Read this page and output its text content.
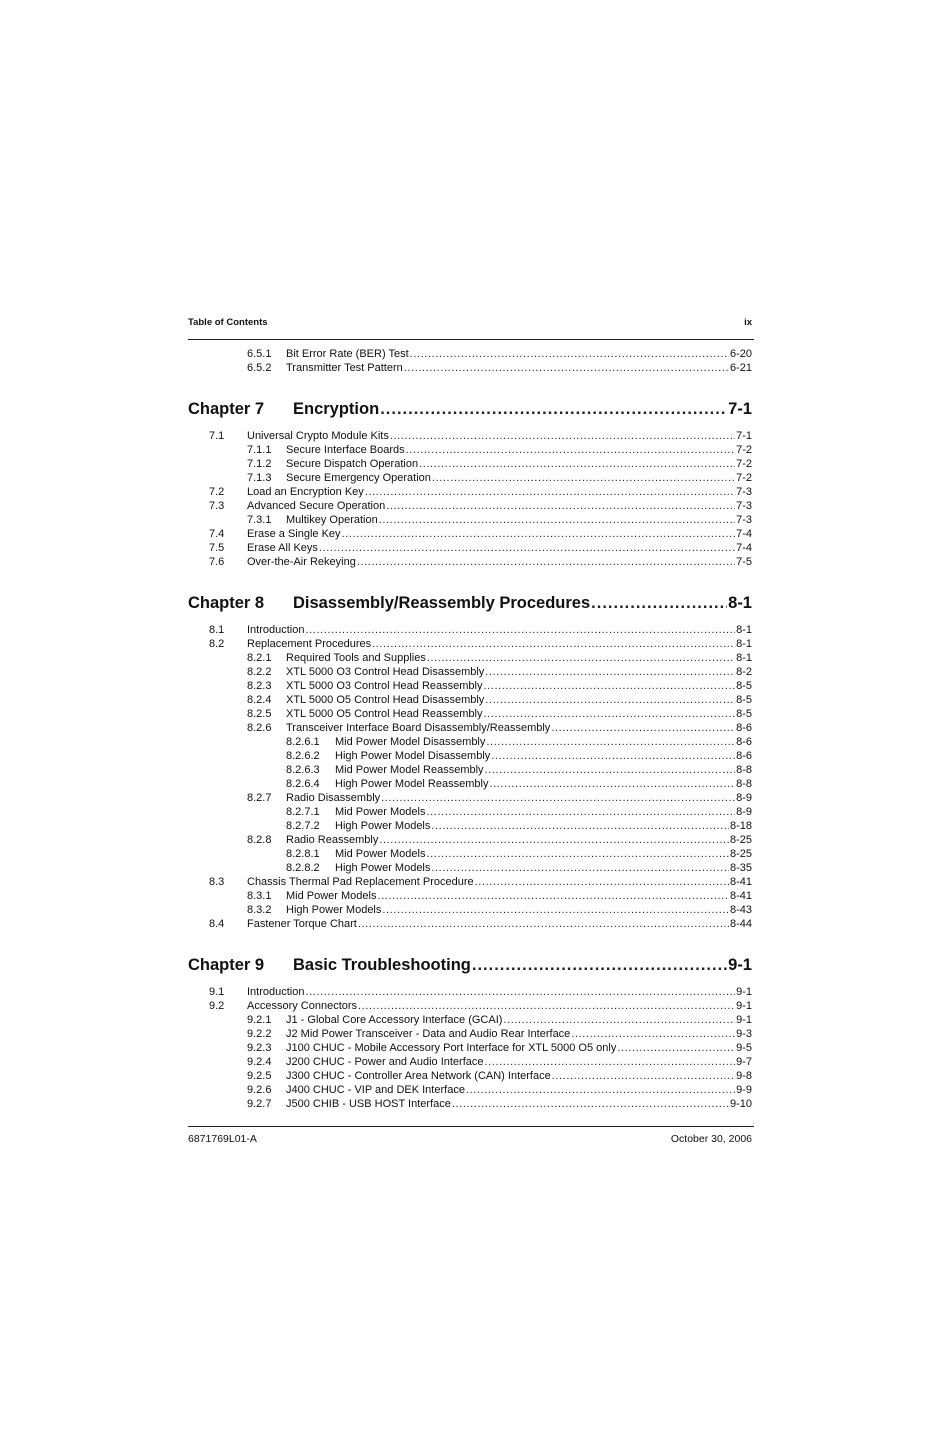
Table of Contents	ix
6.5.1 Bit Error Rate (BER) Test .....	6-20
6.5.2 Transmitter Test Pattern .....	6-21
Chapter 7 Encryption .....	7-1
7.1 Universal Crypto Module Kits .....	7-1
7.1.1 Secure Interface Boards .....	7-2
7.1.2 Secure Dispatch Operation .....	7-2
7.1.3 Secure Emergency Operation .....	7-2
7.2 Load an Encryption Key .....	7-3
7.3 Advanced Secure Operation .....	7-3
7.3.1 Multikey Operation .....	7-3
7.4 Erase a Single Key .....	7-4
7.5 Erase All Keys .....	7-4
7.6 Over-the-Air Rekeying .....	7-5
Chapter 8 Disassembly/Reassembly Procedures .....	8-1
8.1 Introduction .....	8-1
8.2 Replacement Procedures .....	8-1
8.2.1 Required Tools and Supplies .....	8-1
8.2.2 XTL 5000 O3 Control Head Disassembly .....	8-2
8.2.3 XTL 5000 O3 Control Head Reassembly .....	8-5
8.2.4 XTL 5000 O5 Control Head Disassembly .....	8-5
8.2.5 XTL 5000 O5 Control Head Reassembly .....	8-5
8.2.6 Transceiver Interface Board Disassembly/Reassembly .....	8-6
8.2.6.1 Mid Power Model Disassembly .....	8-6
8.2.6.2 High Power Model Disassembly .....	8-6
8.2.6.3 Mid Power Model Reassembly .....	8-8
8.2.6.4 High Power Model Reassembly .....	8-8
8.2.7 Radio Disassembly .....	8-9
8.2.7.1 Mid Power Models .....	8-9
8.2.7.2 High Power Models .....	8-18
8.2.8 Radio Reassembly .....	8-25
8.2.8.1 Mid Power Models .....	8-25
8.2.8.2 High Power Models .....	8-35
8.3 Chassis Thermal Pad Replacement Procedure .....	8-41
8.3.1 Mid Power Models .....	8-41
8.3.2 High Power Models .....	8-43
8.4 Fastener Torque Chart .....	8-44
Chapter 9 Basic Troubleshooting .....	9-1
9.1 Introduction .....	9-1
9.2 Accessory Connectors .....	9-1
9.2.1 J1 - Global Core Accessory Interface (GCAI) .....	9-1
9.2.2 J2 Mid Power Transceiver - Data and Audio Rear Interface .....	9-3
9.2.3 J100 CHUC - Mobile Accessory Port Interface for XTL 5000 O5 only .....	9-5
9.2.4 J200 CHUC - Power and Audio Interface .....	9-7
9.2.5 J300 CHUC - Controller Area Network (CAN) Interface .....	9-8
9.2.6 J400 CHUC - VIP and DEK Interface .....	9-9
9.2.7 J500 CHIB - USB HOST Interface .....	9-10
6871769L01-A	October 30, 2006
